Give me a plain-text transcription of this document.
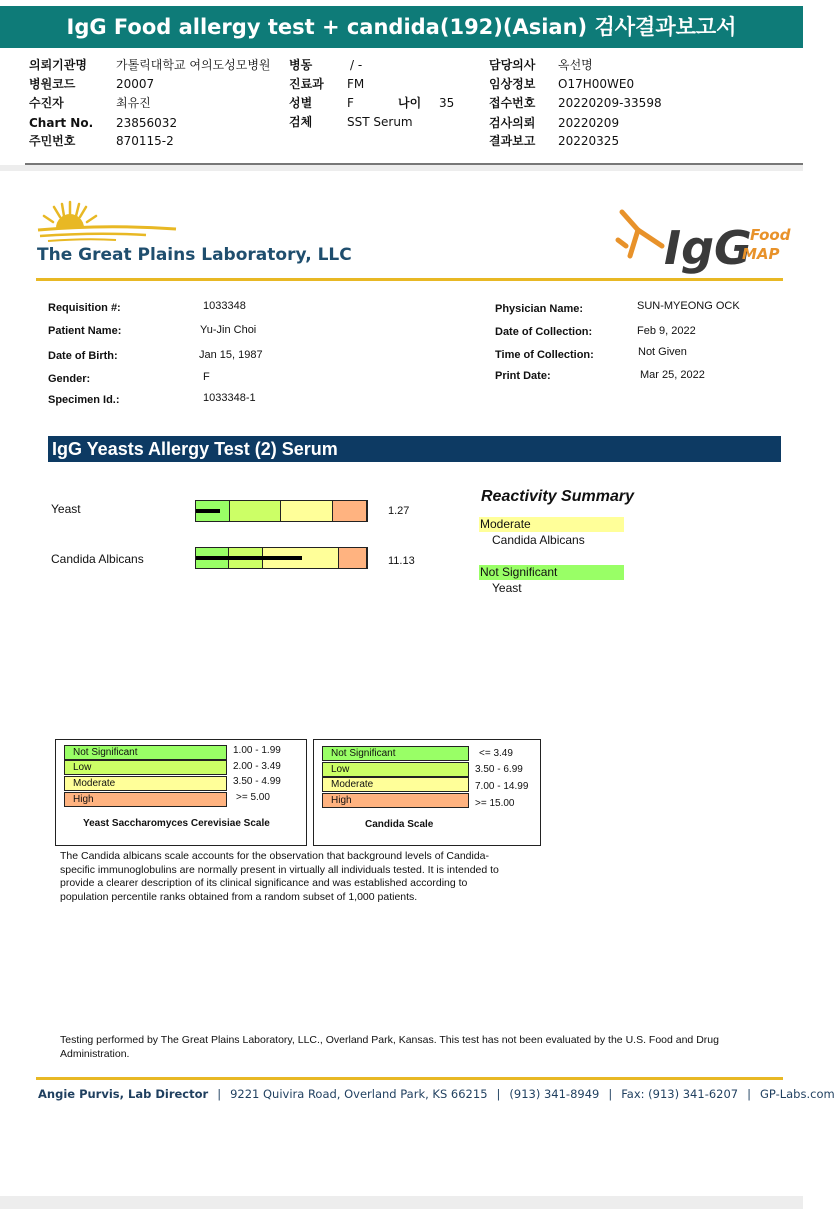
IgG Food allergy test + candida(192)(Asian) 검사결과보고서
의뢰기관명 가톨릭대학교 여의도성모병원
병원코드	20007
수진자	최유진
Chart No. 23856032
주민번호	870115-2
병동	/ -
진료과 FM
성별	F	나이 35
검체	SST Serum
담당의사 옥선명
임상정보 O17H00WE0
접수번호 20220209-33598
검사의뢰 20220209
결과보고 20220325
The Great Plains Laboratory, LLC	IgG
Food
MAP
Requisition #:	1033348
Patient Name:	Yu-Jin Choi
Date of Birth:	Jan 15, 1987
Gender:	F
Specimen Id.:	1033348-1
Physician Name:	SUN-MYEONG OCK
Date of Collection:	Feb 9, 2022
Time of Collection:	Not Given
Print Date:	Mar 25, 2022
IgG Yeasts Allergy Test (2) Serum
Yeast	1.27
Candida Albicans	11.13
Reactivity Summary
Moderate
Candida Albicans
Not Significant
Yeast
Not Significant
Low
Moderate
High
1.00 - 1.99
2.00 - 3.49
3.50 - 4.99
>= 5.00
Yeast Saccharomyces Cerevisiae Scale
Not Significant
Low
Moderate
High
<= 3.49
3.50 - 6.99
7.00 - 14.99
>= 15.00
Candida Scale
The Candida albicans scale accounts for the observation that background levels of Candida-specific immunoglobulins are normally present in virtually all individuals tested. It is intended to provide a clearer description of its clinical significance and was established according to population percentile ranks obtained from a random subset of 1,000 patients.
Testing performed by The Great Plains Laboratory, LLC., Overland Park, Kansas. This test has not been evaluated by the U.S. Food and Drug Administration.
Angie Purvis, Lab Director | 9221 Quivira Road, Overland Park, KS 66215 | (913) 341-8949 | Fax: (913) 341-6207 | GP-Labs.com
